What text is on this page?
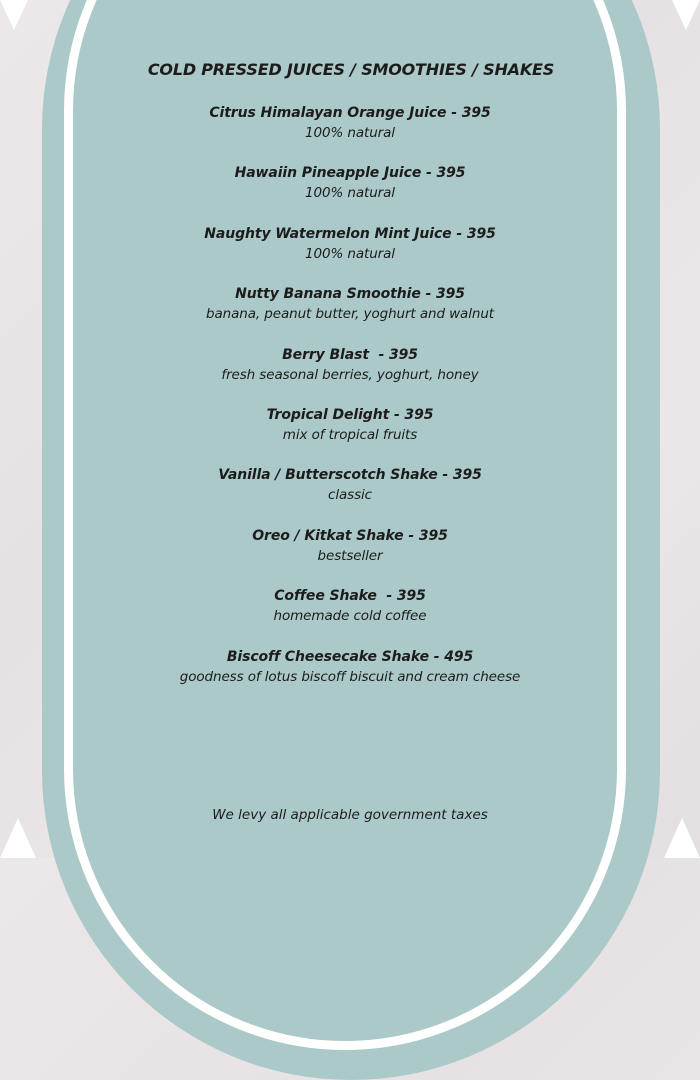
COLD PRESSED JUICES / SMOOTHIES / SHAKES
Citrus Himalayan Orange Juice - 395
100% natural
Hawaiin Pineapple Juice - 395
100% natural
Naughty Watermelon Mint Juice - 395
100% natural
Nutty Banana Smoothie - 395
banana, peanut butter, yoghurt and walnut
Berry Blast  - 395
fresh seasonal berries, yoghurt, honey
Tropical Delight - 395
mix of tropical fruits
Vanilla / Butterscotch Shake - 395
classic
Oreo / Kitkat Shake - 395
bestseller
Coffee Shake  - 395
homemade cold coffee
Biscoff Cheesecake Shake - 495
goodness of lotus biscoff biscuit and cream cheese
We levy all applicable government taxes
